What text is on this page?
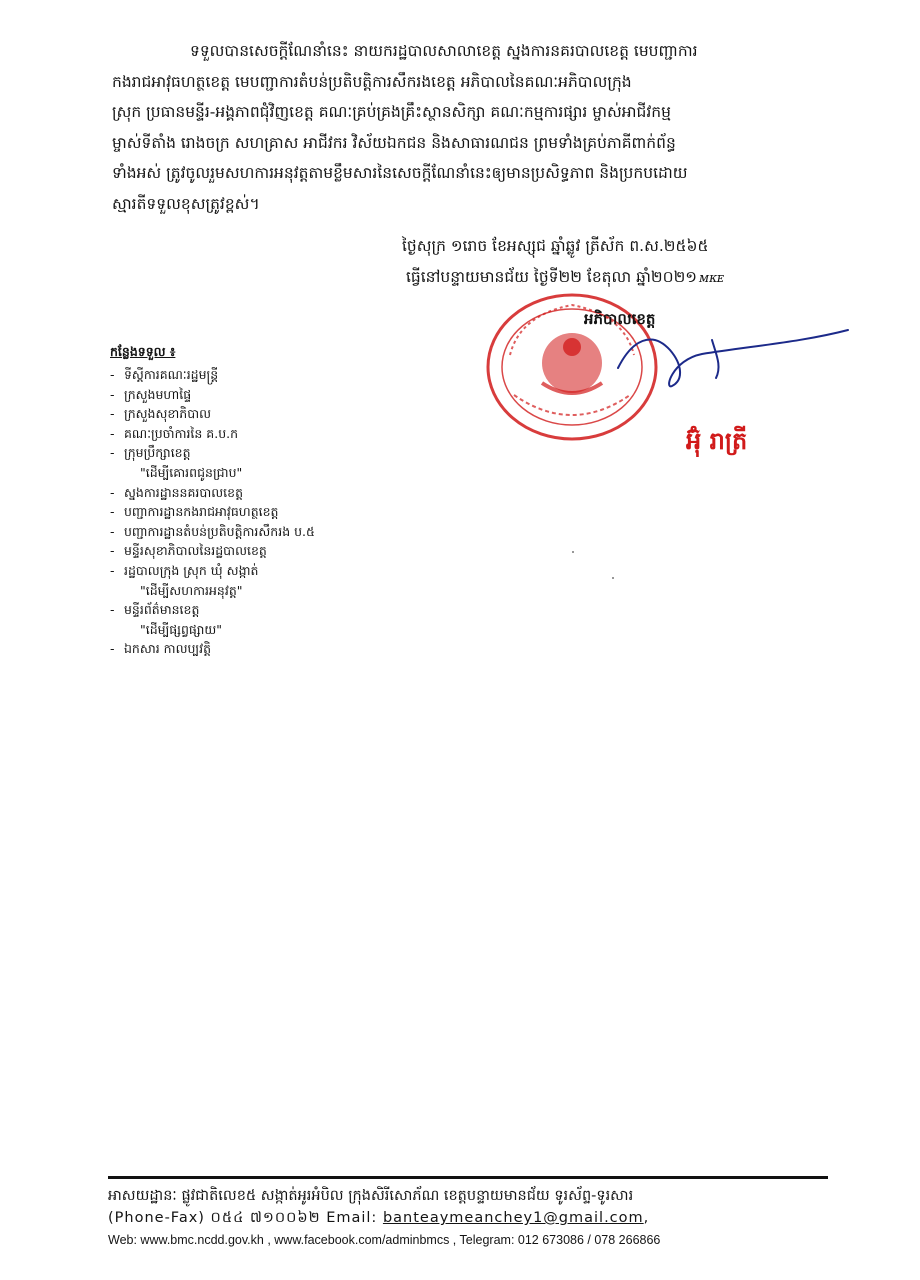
ទទួលបានសេចក្ដីណែនាំនេះ នាយករដ្ឋបាលសាលាខេត្ត ស្នងការនគរបាលខេត្ត មេបញ្ជាការ
កងរាជអាវុធហត្ថខេត្ត មេបញ្ជាការតំបន់ប្រតិបត្តិការសឹករងខេត្ត អភិបាលនៃគណៈអភិបាលក្រុង
ស្រុក ប្រធានមន្ទីរ-អង្គភាពជុំវិញខេត្ត គណៈគ្រប់គ្រងគ្រឹះស្ថានសិក្សា គណៈកម្មការផ្សារ ម្ចាស់អាជីវកម្ម
ម្ចាស់ទីតាំង រោងចក្រ សហគ្រាស អាជីវករ វិស័យឯកជន និងសាធារណជន ព្រមទាំងគ្រប់ភាគីពាក់ព័ន្ធ
ទាំងអស់ ត្រូវចូលរួមសហការអនុវត្តតាមខ្លឹមសារនៃសេចក្ដីណែនាំនេះឲ្យមានប្រសិទ្ធភាព និងប្រកបដោយ
ស្មារតីទទួលខុសត្រូវខ្ពស់។
ថ្ងៃសុក្រ ១រោច ខែអស្សុជ ឆ្នាំឆ្លូវ ត្រីស័ក ព.ស.២៥៦៥
ធ្វើនៅបន្ទាយមានជ័យ ថ្ងៃទី២២ ខែតុលា ឆ្នាំ២០២១ ᴍᴋᴇ
អភិបាលខេត្ត
អ៊ុំ រាត្រី
កន្លែងទទួល ៖
- ទីស្ដីការគណៈរដ្ឋមន្ត្រី
- ក្រសួងមហាផ្ទៃ
- ក្រសួងសុខាភិបាល
- គណៈប្រចាំការនៃ គ.ប.ក
- ក្រុមប្រឹក្សាខេត្ត
"ដើម្បីគោរពជូនជ្រាប"
- ស្នងការដ្ឋាននគរបាលខេត្ត
- បញ្ជាការដ្ឋានកងរាជអាវុធហត្ថខេត្ត
- បញ្ជាការដ្ឋានតំបន់ប្រតិបត្តិការសឹករង ប.៥
- មន្ទីរសុខាភិបាលនៃរដ្ឋបាលខេត្ត
- រដ្ឋបាលក្រុង ស្រុក ឃុំ សង្កាត់
"ដើម្បីសហការអនុវត្ត"
- មន្ទីរព័ត៌មានខេត្ត
"ដើម្បីផ្សព្វផ្សាយ"
- ឯកសារ កាលប្បវត្តិ
អាសយដ្ឋានៈ ផ្លូវជាតិលេខ៥ សង្កាត់អូរអំបិល ក្រុងសិរីសោភ័ណ ខេត្តបន្ទាយមានជ័យ ទូរស័ព្ទ-ទូរសារ
(Phone-Fax) ០៥៤ ៧១០០៦២ Email: banteaymeanchey1@gmail.com,
Web: www.bmc.ncdd.gov.kh , www.facebook.com/adminbmcs , Telegram: 012 673086 / 078 266866
